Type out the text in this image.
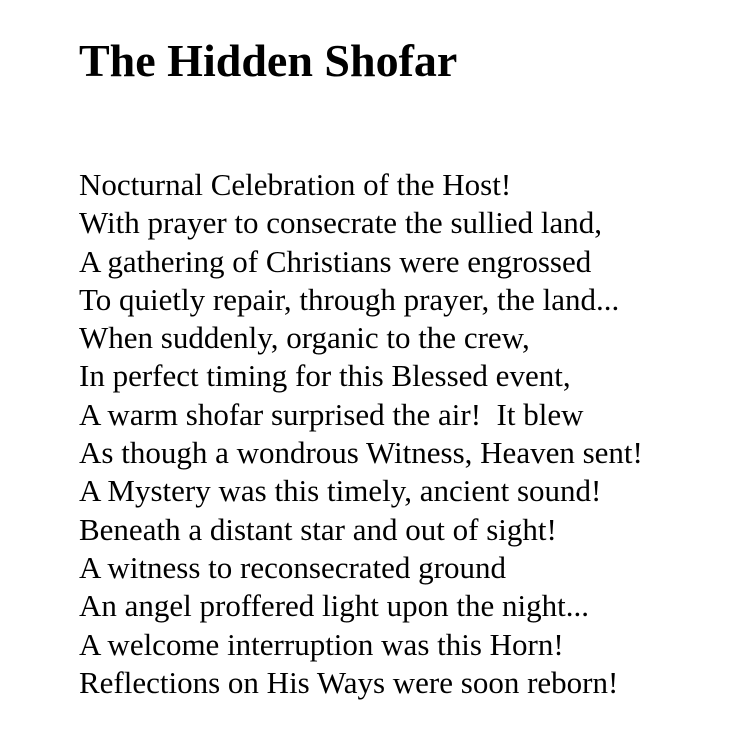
The Hidden Shofar
Nocturnal Celebration of the Host!
With prayer to consecrate the sullied land,
A gathering of Christians were engrossed
To quietly repair, through prayer, the land...
When suddenly, organic to the crew,
In perfect timing for this Blessed event,
A warm shofar surprised the air!  It blew
As though a wondrous Witness, Heaven sent!
A Mystery was this timely, ancient sound!
Beneath a distant star and out of sight!
A witness to reconsecrated ground
An angel proffered light upon the night...
A welcome interruption was this Horn!
Reflections on His Ways were soon reborn!
